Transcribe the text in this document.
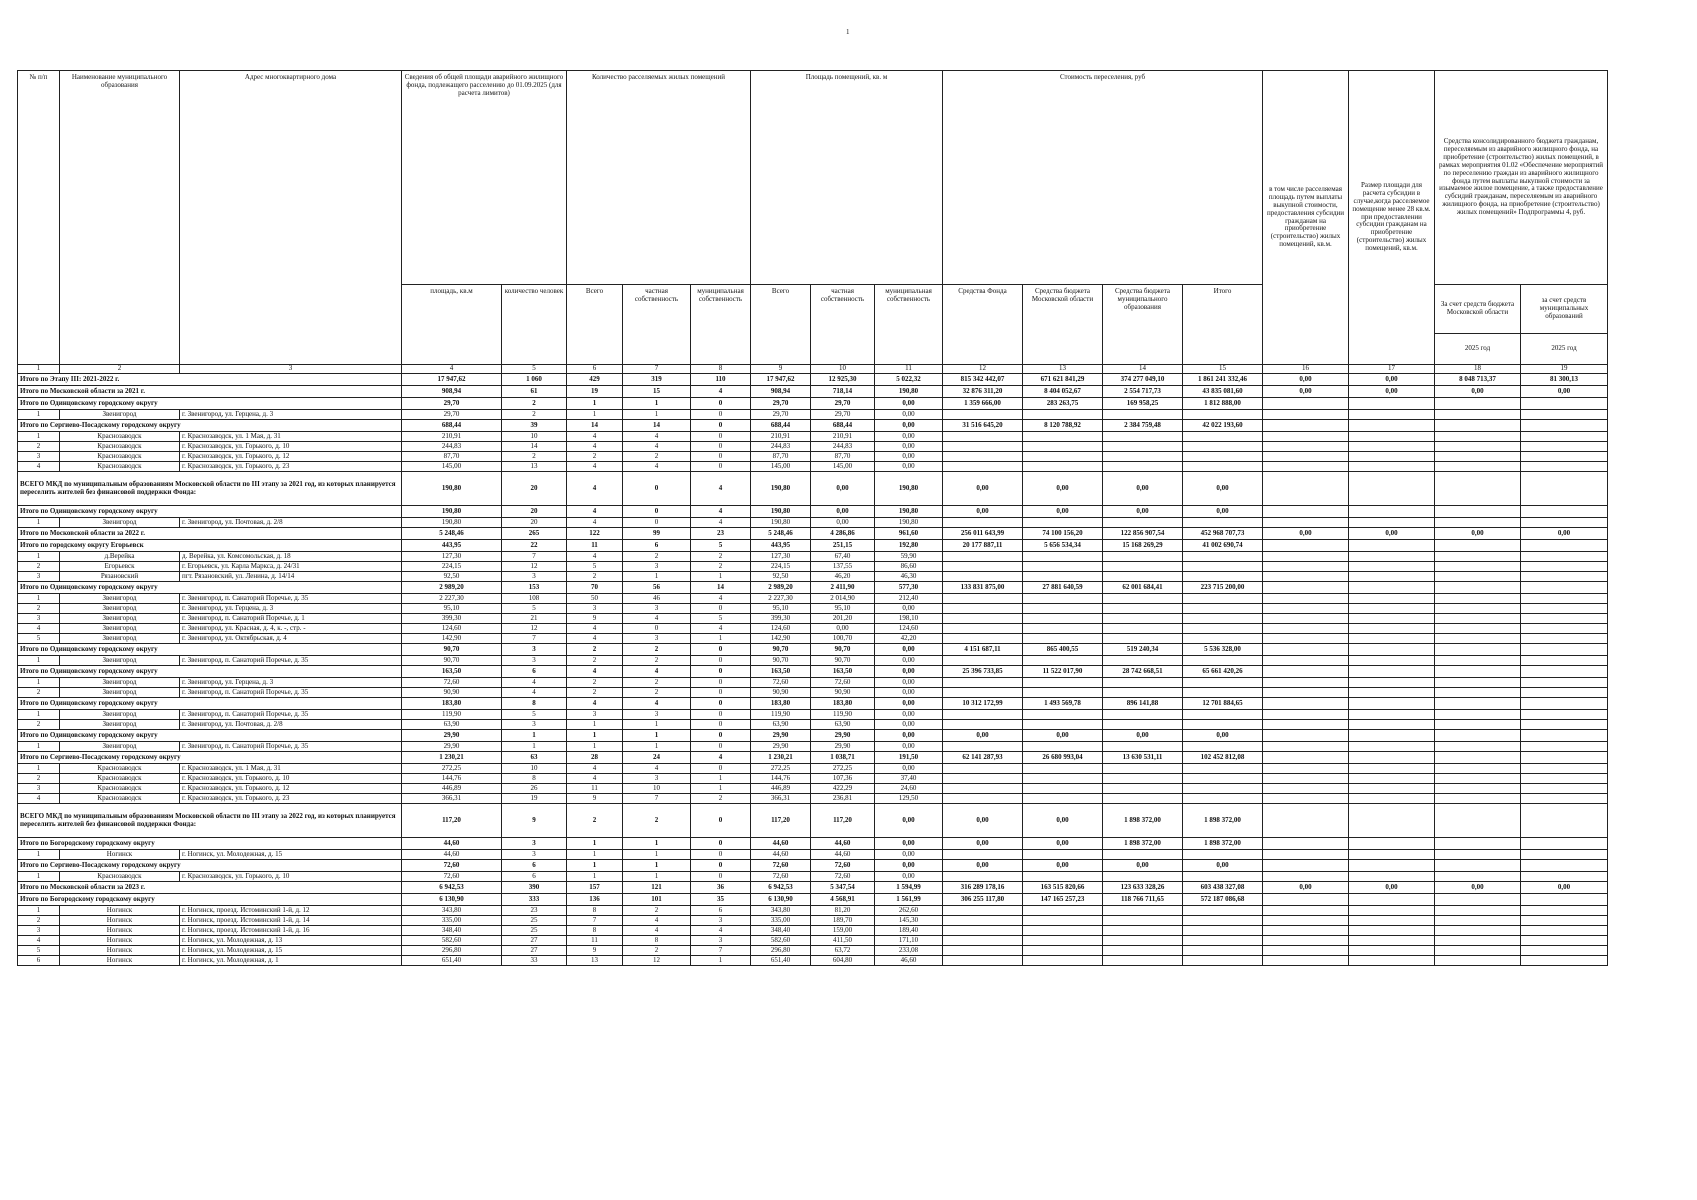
1
№ п/п	Наименование муниципального образования	Адрес многоквартирного дома	Сведения об общей площади аварийного жилищного фонда, подлежащего расселению до 01.09.2025 (для расчета лимитов)		Количество расселяемых жилых помещений			Площадь помещений, кв. м			Стоимость переселения, руб				в том числе расселяемая площадь путем выплаты выкупной стоимости, предоставления субсидии гражданам на приобретение (строительство) жилых помещений, кв.м.	Размер площади для расчета субсидии в случае,когда расселяемое помещение менее 28 кв.м. при предоставлении субсидии гражданам на приобретение (строительство) жилых помещений, кв.м.	Средства консолидированного бюджета гражданам, переселяемым из аварийного жилищного фонда, на приобретение (строительство) жилых помещений, в рамках мероприятия 01.02 «Обеспечение мероприятий по переселению граждан из аварийного жилищного фонда путем выплаты выкупной стоимости за изымаемое жилое помещение, а также предоставление субсидий гражданам, переселяемым из аварийного жилищного фонда, на приобретение (строительство) жилых помещений» Подпрограммы 4, руб.	
			площадь, кв.м	количество человек	Всего	частная собственность	муниципальная собственность	Всего	частная собственность	муниципальная собственность	Средства Фонда	Средства бюджета Московской области	Средства бюджета муниципального образования	Итого			За счет средств бюджета Московской области	за счет средств муниципальных образований
																	2025 год	2025 год
1	2	3	4	5	6	7	8	9	10	11	12	13	14	15	16	17	18	19
Итого по Этапу III: 2021-2022 г.			17 947,62	1 060	429	319	110	17 947,62	12 925,30	5 022,32	815 342 442,07	671 621 841,29	374 277 049,10	1 861 241 332,46	0,00	0,00	8 048 713,37	81 300,13
Итого по Московской области за 2021 г.			908,94	61	19	15	4	908,94	718,14	190,80	32 876 311,20	8 404 052,67	2 554 717,73	43 835 081,60	0,00	0,00	0,00	0,00
Итого по Одинцовскому городскому округу			29,70	2	1	1	0	29,70	29,70	0,00	1 359 666,00	283 263,75	169 958,25	1 812 888,00				
1	Звенигород	г. Звенигород, ул. Герцена, д. 3	29,70	2	1	1	0	29,70	29,70	0,00								
Итого по Сергиево-Посадскому городскому округу			688,44	39	14	14	0	688,44	688,44	0,00	31 516 645,20	8 120 788,92	2 384 759,48	42 022 193,60				
1	Краснозаводск	г. Краснозаводск, ул. 1 Мая, д. 31	210,91	10	4	4	0	210,91	210,91	0,00								
2	Краснозаводск	г. Краснозаводск, ул. Горького, д. 10	244,83	14	4	4	0	244,83	244,83	0,00								
3	Краснозаводск	г. Краснозаводск, ул. Горького, д. 12	87,70	2	2	2	0	87,70	87,70	0,00								
4	Краснозаводск	г. Краснозаводск, ул. Горького, д. 23	145,00	13	4	4	0	145,00	145,00	0,00								
ВСЕГО МКД по муниципальным образованиям Московской области по III этапу за 2021 год, из которых планируется переселить жителей без финансовой поддержки Фонда:			190,80	20	4	0	4	190,80	0,00	190,80	0,00	0,00	0,00	0,00				
Итого по Одинцовскому городскому округу			190,80	20	4	0	4	190,80	0,00	190,80	0,00	0,00	0,00	0,00				
1	Звенигород	г. Звенигород, ул. Почтовая, д. 2/8	190,80	20	4	0	4	190,80	0,00	190,80								
Итого по Московской области за 2022 г.			5 248,46	265	122	99	23	5 248,46	4 286,86	961,60	256 011 643,99	74 100 156,20	122 856 907,54	452 968 707,73	0,00	0,00	0,00	0,00
Итого по городскому округу Егорьевск			443,95	22	11	6	5	443,95	251,15	192,80	20 177 887,11	5 656 534,34	15 168 269,29	41 002 690,74				
1	д.Верейка	д. Верейка, ул. Комсомольская, д. 18	127,30	7	4	2	2	127,30	67,40	59,90								
2	Егорьевск	г. Егорьевск, ул. Карла Маркса, д. 24/31	224,15	12	5	3	2	224,15	137,55	86,60								
3	Рязановский	пгт. Рязановский, ул. Ленина, д. 14/14	92,50	3	2	1	1	92,50	46,20	46,30								
Итого по Одинцовскому городскому округу			2 989,20	153	70	56	14	2 989,20	2 411,90	577,30	133 831 875,00	27 881 640,59	62 001 684,41	223 715 200,00				
1	Звенигород	г. Звенигород, п. Санаторий Поречье, д. 35	2 227,30	108	50	46	4	2 227,30	2 014,90	212,40								
2	Звенигород	г. Звенигород, ул. Герцена, д. 3	95,10	5	3	3	0	95,10	95,10	0,00								
3	Звенигород	г. Звенигород, п. Санаторий Поречье, д. 1	399,30	21	9	4	5	399,30	201,20	198,10								
4	Звенигород	г. Звенигород, ул. Красная, д. 4, к. -, стр. -	124,60	12	4	0	4	124,60	0,00	124,60								
5	Звенигород	г. Звенигород, ул. Октябрьская, д. 4	142,90	7	4	3	1	142,90	100,70	42,20								
Итого по Одинцовскому городскому округу			90,70	3	2	2	0	90,70	90,70	0,00	4 151 687,11	865 400,55	519 240,34	5 536 328,00				
1	Звенигород	г. Звенигород, п. Санаторий Поречье, д. 35	90,70	3	2	2	0	90,70	90,70	0,00								
Итого по Одинцовскому городскому округу			163,50	6	4	4	0	163,50	163,50	0,00	25 396 733,85	11 522 017,90	28 742 668,51	65 661 420,26				
1	Звенигород	г. Звенигород, ул. Герцена, д. 3	72,60	4	2	2	0	72,60	72,60	0,00								
2	Звенигород	г. Звенигород, п. Санаторий Поречье, д. 35	90,90	4	2	2	0	90,90	90,90	0,00								
Итого по Одинцовскому городскому округу			183,80	8	4	4	0	183,80	183,80	0,00	10 312 172,99	1 493 569,78	896 141,88	12 701 884,65				
1	Звенигород	г. Звенигород, п. Санаторий Поречье, д. 35	119,90	5	3	3	0	119,90	119,90	0,00								
2	Звенигород	г. Звенигород, ул. Почтовая, д. 2/8	63,90	3	1	1	0	63,90	63,90	0,00								
Итого по Одинцовскому городскому округу			29,90	1	1	1	0	29,90	29,90	0,00	0,00	0,00	0,00	0,00				
1	Звенигород	г. Звенигород, п. Санаторий Поречье, д. 35	29,90	1	1	1	0	29,90	29,90	0,00								
Итого по Сергиево-Посадскому городскому округу			1 230,21	63	28	24	4	1 230,21	1 038,71	191,50	62 141 287,93	26 680 993,04	13 630 531,11	102 452 812,08				
1	Краснозаводск	г. Краснозаводск, ул. 1 Мая, д. 31	272,25	10	4	4	0	272,25	272,25	0,00								
2	Краснозаводск	г. Краснозаводск, ул. Горького, д. 10	144,76	8	4	3	1	144,76	107,36	37,40								
3	Краснозаводск	г. Краснозаводск, ул. Горького, д. 12	446,89	26	11	10	1	446,89	422,29	24,60								
4	Краснозаводск	г. Краснозаводск, ул. Горького, д. 23	366,31	19	9	7	2	366,31	236,81	129,50								
ВСЕГО МКД по муниципальным образованиям Московской области по III этапу за 2022 год, из которых планируется переселить жителей без финансовой поддержки Фонда:			117,20	9	2	2	0	117,20	117,20	0,00	0,00	0,00	1 898 372,00	1 898 372,00				
Итого по Богородскому городскому округу			44,60	3	1	1	0	44,60	44,60	0,00	0,00	0,00	1 898 372,00	1 898 372,00				
1	Ногинск	г. Ногинск, ул. Молодежная, д. 15	44,60	3	1	1	0	44,60	44,60	0,00								
Итого по Сергиево-Посадскому городскому округу			72,60	6	1	1	0	72,60	72,60	0,00	0,00	0,00	0,00	0,00				
1	Краснозаводск	г. Краснозаводск, ул. Горького, д. 10	72,60	6	1	1	0	72,60	72,60	0,00								
Итого по Московской области за 2023 г.			6 942,53	390	157	121	36	6 942,53	5 347,54	1 594,99	316 289 178,16	163 515 820,66	123 633 328,26	603 438 327,08	0,00	0,00	0,00	0,00
Итого по Богородскому городскому округу			6 130,90	333	136	101	35	6 130,90	4 568,91	1 561,99	306 255 117,80	147 165 257,23	118 766 711,65	572 187 086,68				
1	Ногинск	г. Ногинск, проезд. Истоминский 1-й, д. 12	343,80	23	8	2	6	343,80	81,20	262,60								
2	Ногинск	г. Ногинск, проезд. Истоминский 1-й, д. 14	335,00	25	7	4	3	335,00	189,70	145,30								
3	Ногинск	г. Ногинск, проезд. Истоминский 1-й, д. 16	348,40	25	8	4	4	348,40	159,00	189,40								
4	Ногинск	г. Ногинск, ул. Молодежная, д. 13	582,60	27	11	8	3	582,60	411,50	171,10								
5	Ногинск	г. Ногинск, ул. Молодежная, д. 15	296,80	27	9	2	7	296,80	63,72	233,08								
6	Ногинск	г. Ногинск, ул. Молодежная, д. 1	651,40	33	13	12	1	651,40	604,80	46,60								
